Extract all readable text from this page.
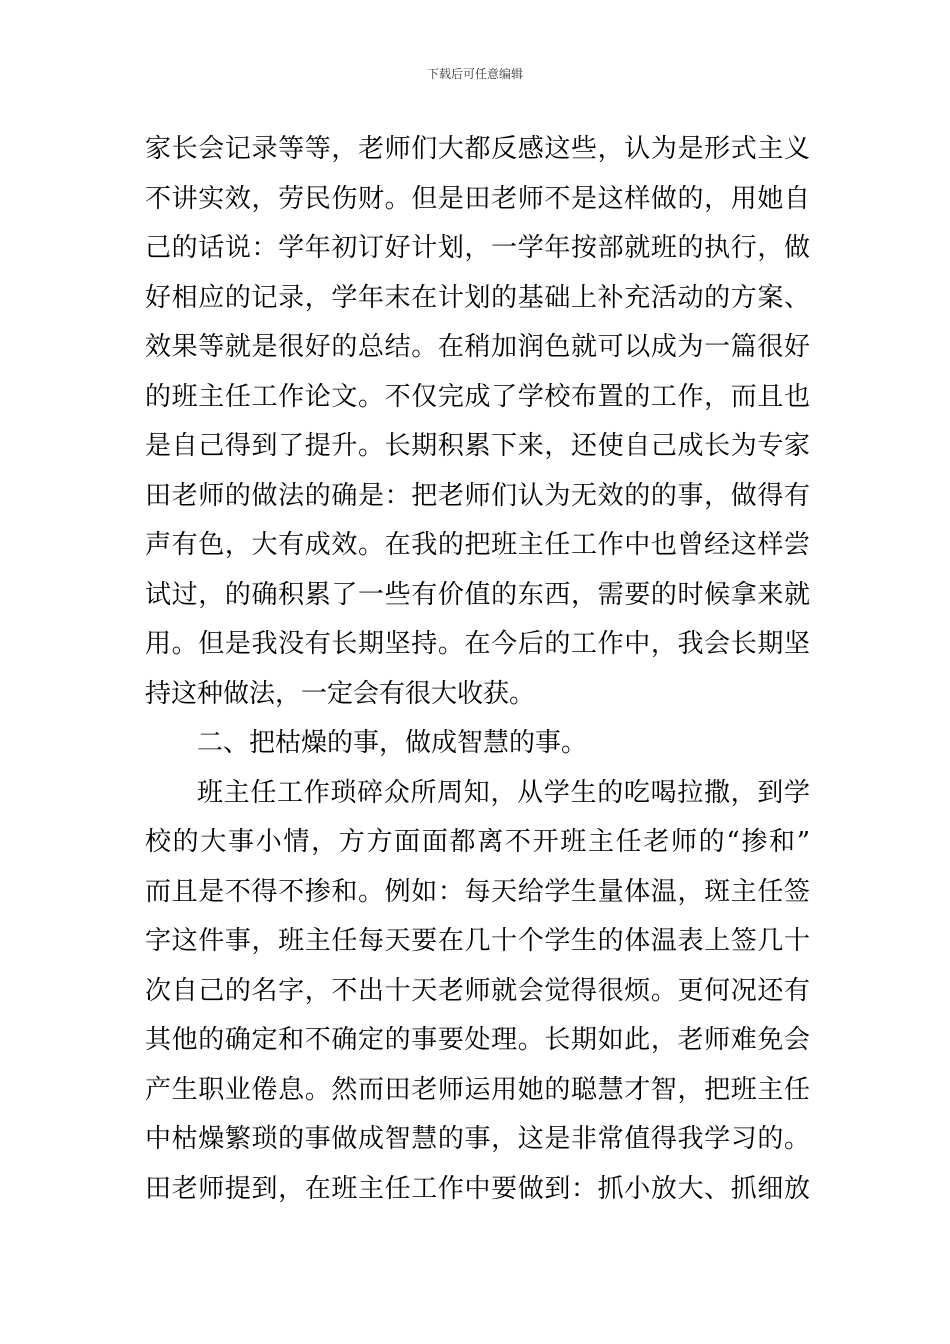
下载后可任意编辑
家长会记录等等，老师们大都反感这些，认为是形式主义
不讲实效，劳民伤财。但是田老师不是这样做的，用她自
己的话说：学年初订好计划，一学年按部就班的执行，做
好相应的记录，学年末在计划的基础上补充活动的方案、
效果等就是很好的总结。在稍加润色就可以成为一篇很好
的班主任工作论文。不仅完成了学校布置的工作，而且也
是自己得到了提升。长期积累下来，还使自己成长为专家
田老师的做法的确是：把老师们认为无效的的事，做得有
声有色，大有成效。在我的把班主任工作中也曾经这样尝
试过，的确积累了一些有价值的东西，需要的时候拿来就
用。但是我没有长期坚持。在今后的工作中，我会长期坚
持这种做法，一定会有很大收获。
二、把枯燥的事，做成智慧的事。
班主任工作琐碎众所周知，从学生的吃喝拉撒，到学
校的大事小情，方方面面都离不开班主任老师的“掺和”
而且是不得不掺和。例如：每天给学生量体温，斑主任签
字这件事，班主任每天要在几十个学生的体温表上签几十
次自己的名字，不出十天老师就会觉得很烦。更何况还有
其他的确定和不确定的事要处理。长期如此，老师难免会
产生职业倦息。然而田老师运用她的聪慧才智，把班主任
中枯燥繁琐的事做成智慧的事，这是非常值得我学习的。
田老师提到，在班主任工作中要做到：抓小放大、抓细放
